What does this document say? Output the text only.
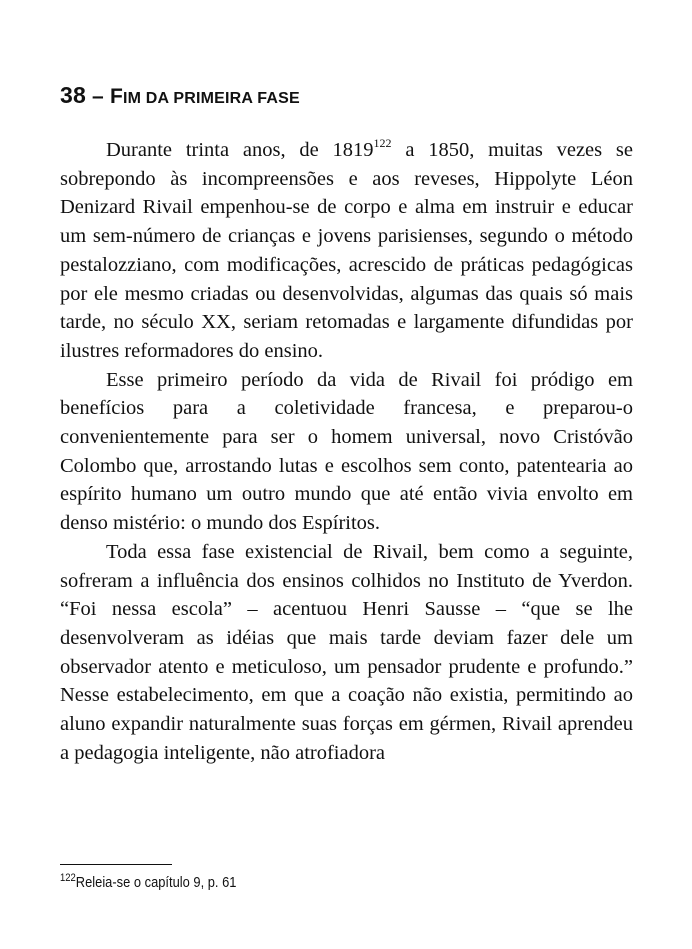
38 – FIM DA PRIMEIRA FASE

Durante trinta anos, de 1819$^{122}$ a 1850, muitas vezes se sobrepondo às incompreensões e aos reveses, Hippolyte Léon Denizard Rivail empenhou-se de corpo e alma em instruir e educar um sem-número de crianças e jovens parisienses, segundo o método pestalozziano, com modificações, acrescido de práticas pedagógicas por ele mesmo criadas ou desenvolvidas, algumas das quais só mais tarde, no século XX, seriam retomadas e largamente difundidas por ilustres reformadores do ensino.

Esse primeiro período da vida de Rivail foi pródigo em benefícios para a coletividade francesa, e preparou-o convenientemente para ser o homem universal, novo Cristóvão Colombo que, arrostando lutas e escolhos sem conto, patentearia ao espírito humano um outro mundo que até então vivia envolto em denso mistério: o mundo dos Espíritos.

Toda essa fase existencial de Rivail, bem como a seguinte, sofreram a influência dos ensinos colhidos no Instituto de Yverdon. “Foi nessa escola” – acentuou Henri Sausse – “que se lhe desenvolveram as idéias que mais tarde deviam fazer dele um observador atento e meticuloso, um pensador prudente e profundo.” Nesse estabelecimento, em que a coação não existia, permitindo ao aluno expandir naturalmente suas forças em gérmen, Rivail aprendeu a pedagogia inteligente, não atrofiadora

$^{122}$Releia-se o capítulo 9, p. 61
